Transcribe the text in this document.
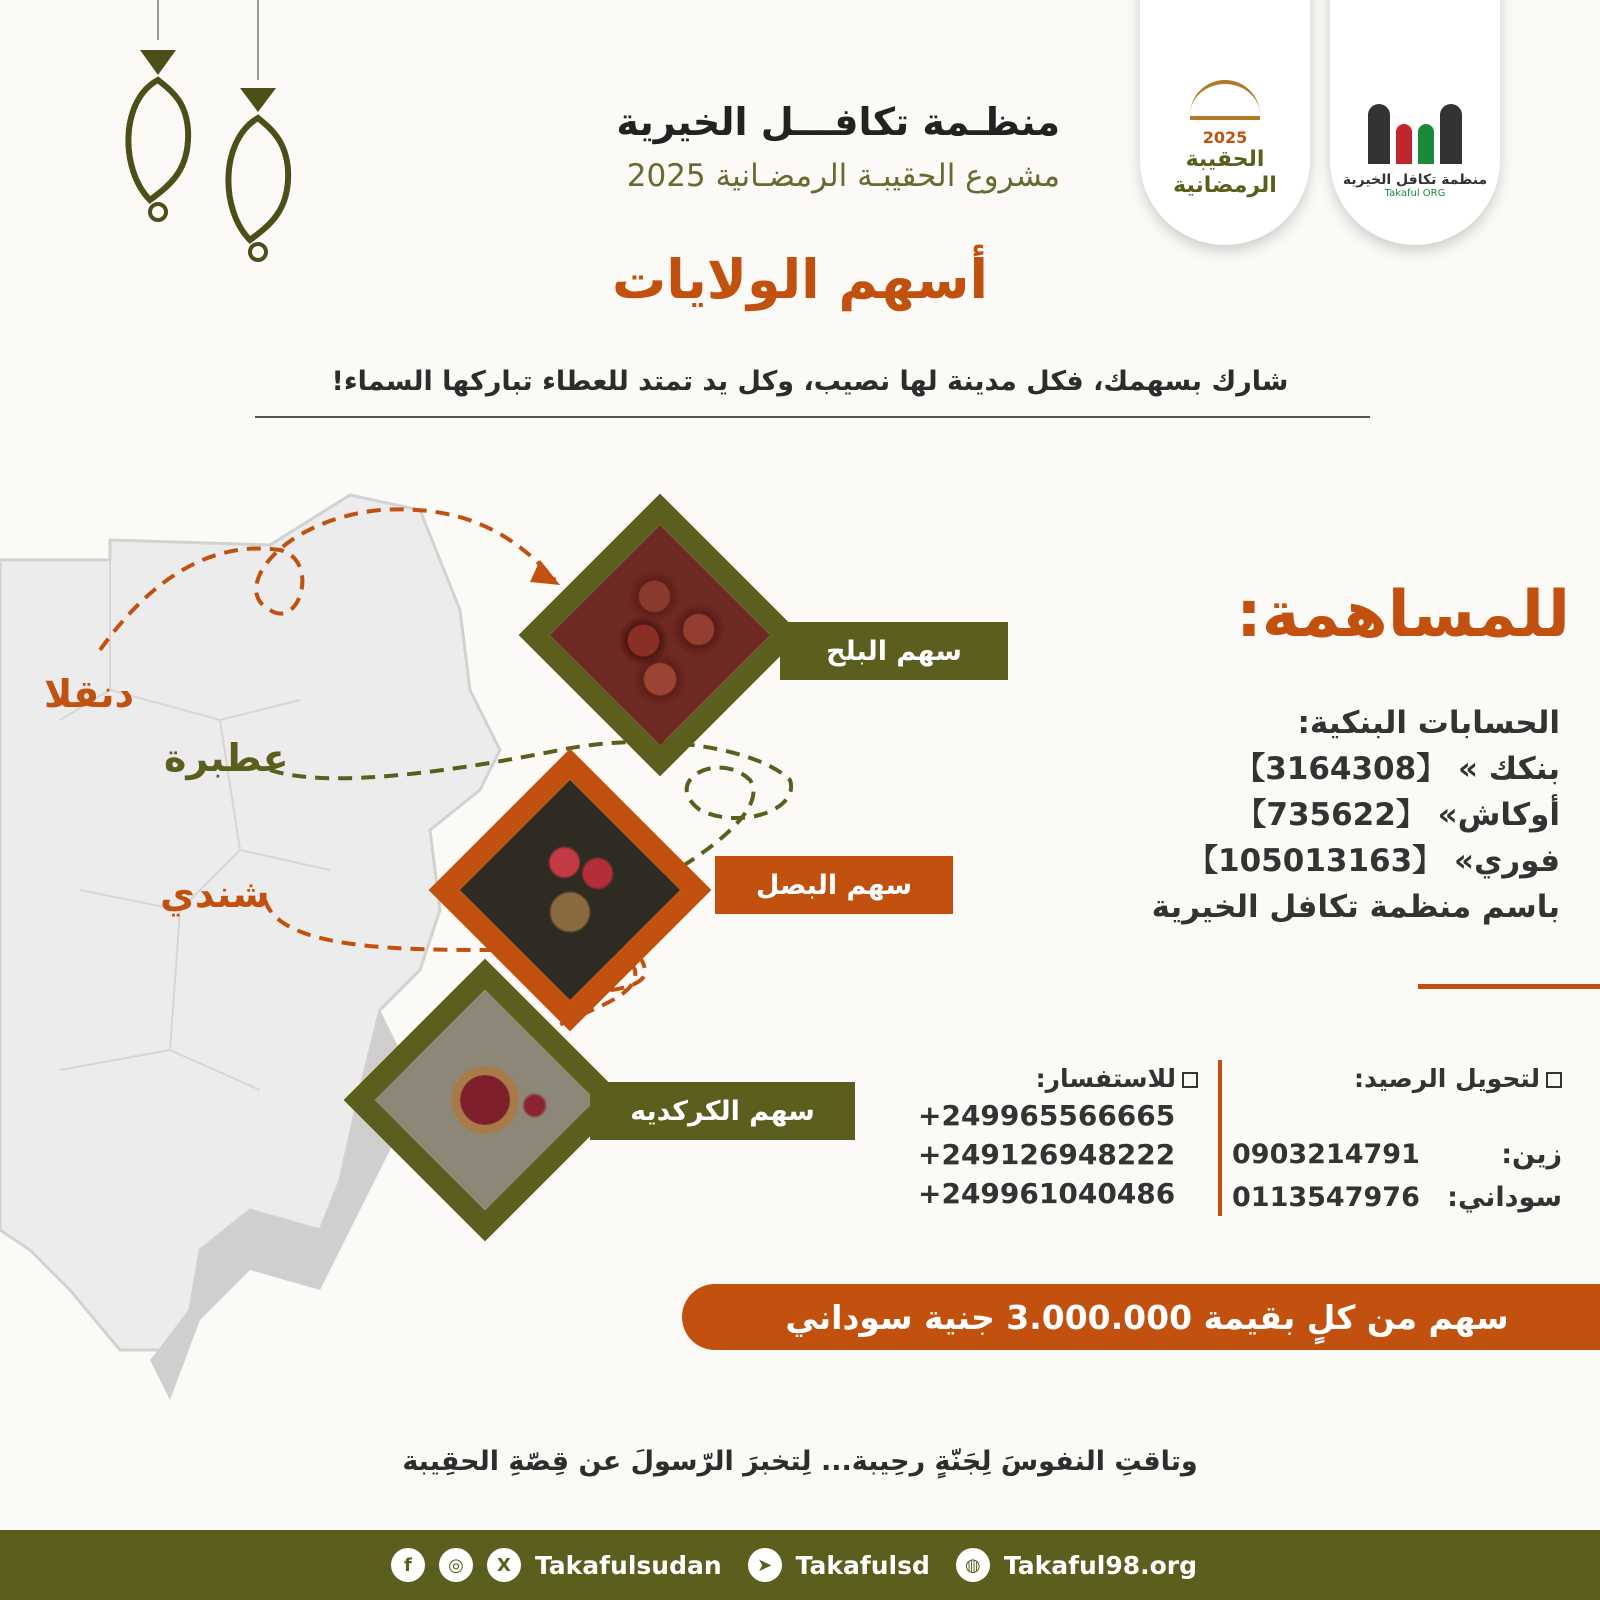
2025
الحقيبة الرمضانية	منظمة تكافل الخيرية
Takaful ORG
منظـمة تكافـــل الخيرية
مشروع الحقيبـة الرمضـانية 2025
أسهم الولايات
شارك بسهمك، فكل مدينة لها نصيب، وكل يد تمتد للعطاء تباركها السماء!
دنقلا
عطبرة
شندي
سهم البلح
سهم البصل
سهم الكركديه
للمساهمة:
الحسابات البنكية:
بنكك » 【3164308】
أوكاش» 【735622】
فوري» 【105013163】
باسم منظمة تكافل الخيرية
لتحويل الرصيد:
زين:
0903214791
سوداني:
0113547976
للاستفسار:
+249965566665
+249126948222
+249961040486
سهم من كلٍ بقيمة 3.000.000 جنية سوداني
وتاقتِ النفوسَ لِجَنّةٍ رحِيبة... لِتخبرَ الرّسولَ عن قِصّةِ الحقِيبة
f	◎	X Takafulsudan	➤ Takafulsd	◍ Takaful98.org
